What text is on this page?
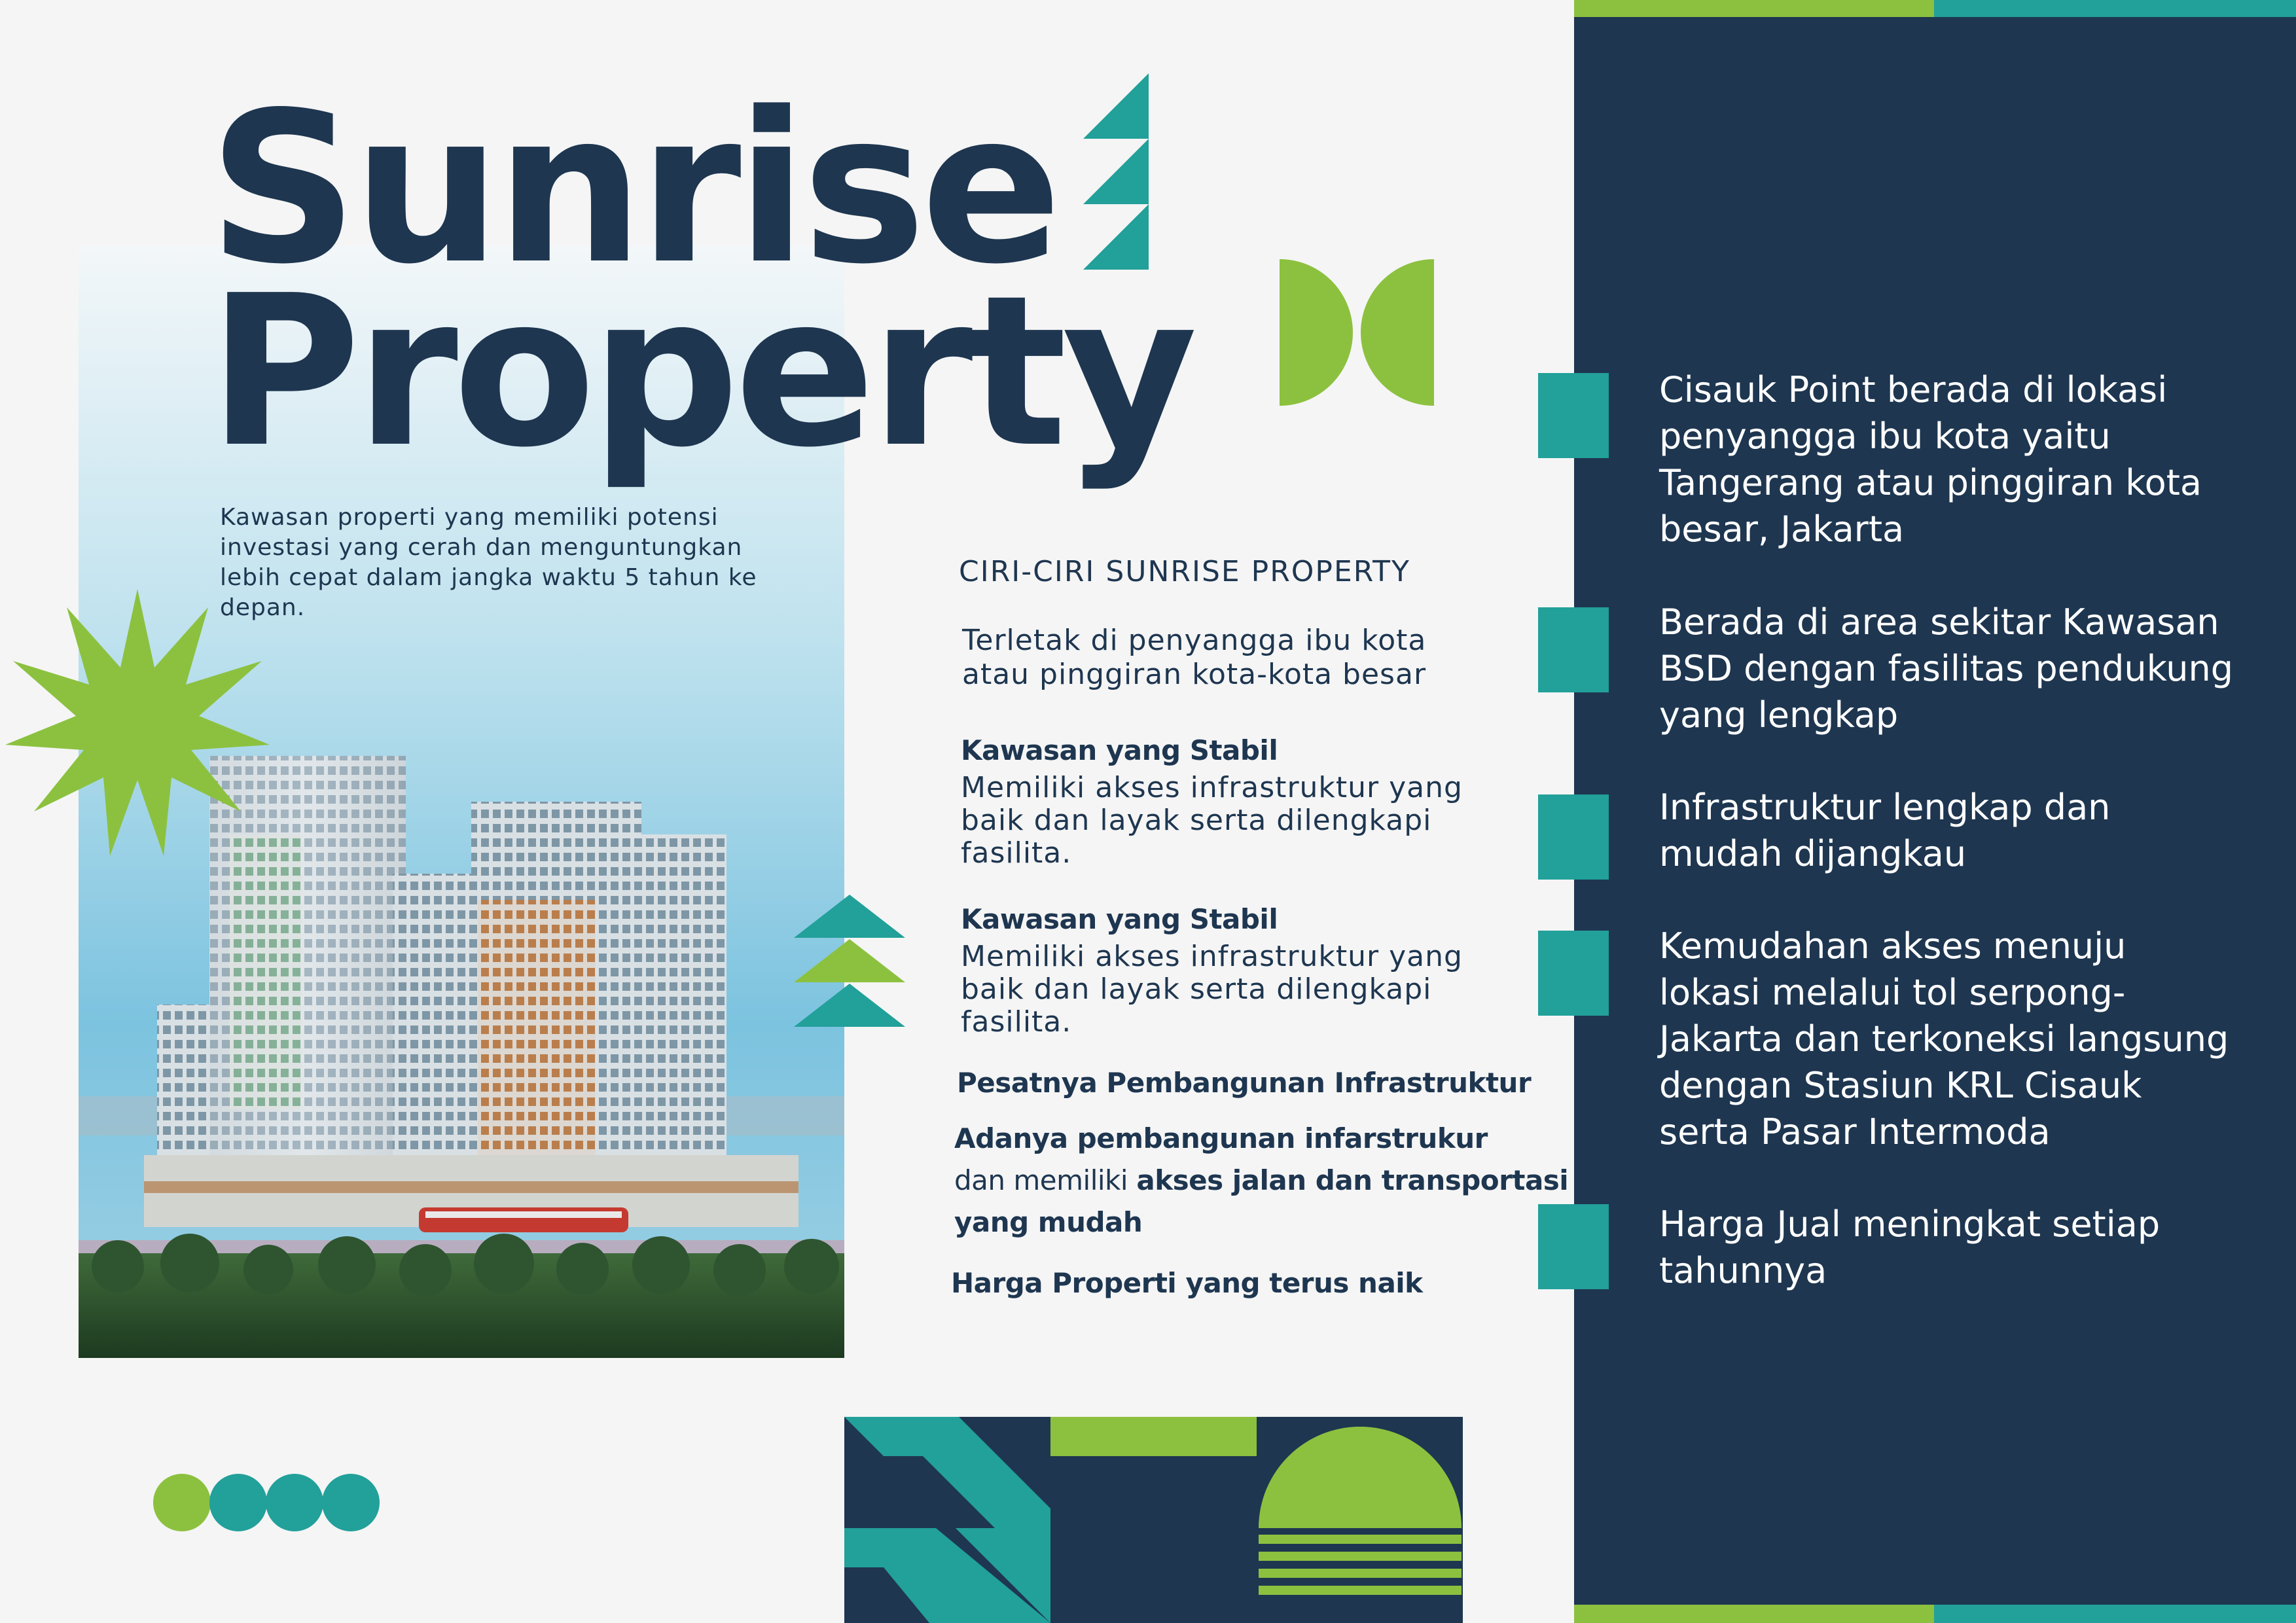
Sunrise
Property
Kawasan properti yang memiliki potensi investasi yang cerah dan menguntungkan lebih cepat dalam jangka waktu 5 tahun ke depan.
CIRI-CIRI SUNRISE PROPERTY
Terletak di penyangga ibu kota atau pinggiran kota-kota besar
Kawasan yang Stabil
Memiliki akses infrastruktur yang baik dan layak serta dilengkapi fasilita.
Kawasan yang Stabil
Memiliki akses infrastruktur yang baik dan layak serta dilengkapi fasilita.
Pesatnya Pembangunan Infrastruktur
Adanya pembangunan infarstrukur
dan memiliki akses jalan dan transportasi
yang mudah
Harga Properti yang terus naik
Cisauk Point berada di lokasi penyangga ibu kota yaitu Tangerang atau pinggiran kota besar, Jakarta
Berada di area sekitar Kawasan BSD dengan fasilitas pendukung yang lengkap
Infrastruktur lengkap dan mudah dijangkau
Kemudahan akses menuju lokasi melalui tol serpong-Jakarta dan terkoneksi langsung dengan Stasiun KRL Cisauk serta Pasar Intermoda
Harga Jual meningkat setiap tahunnya
